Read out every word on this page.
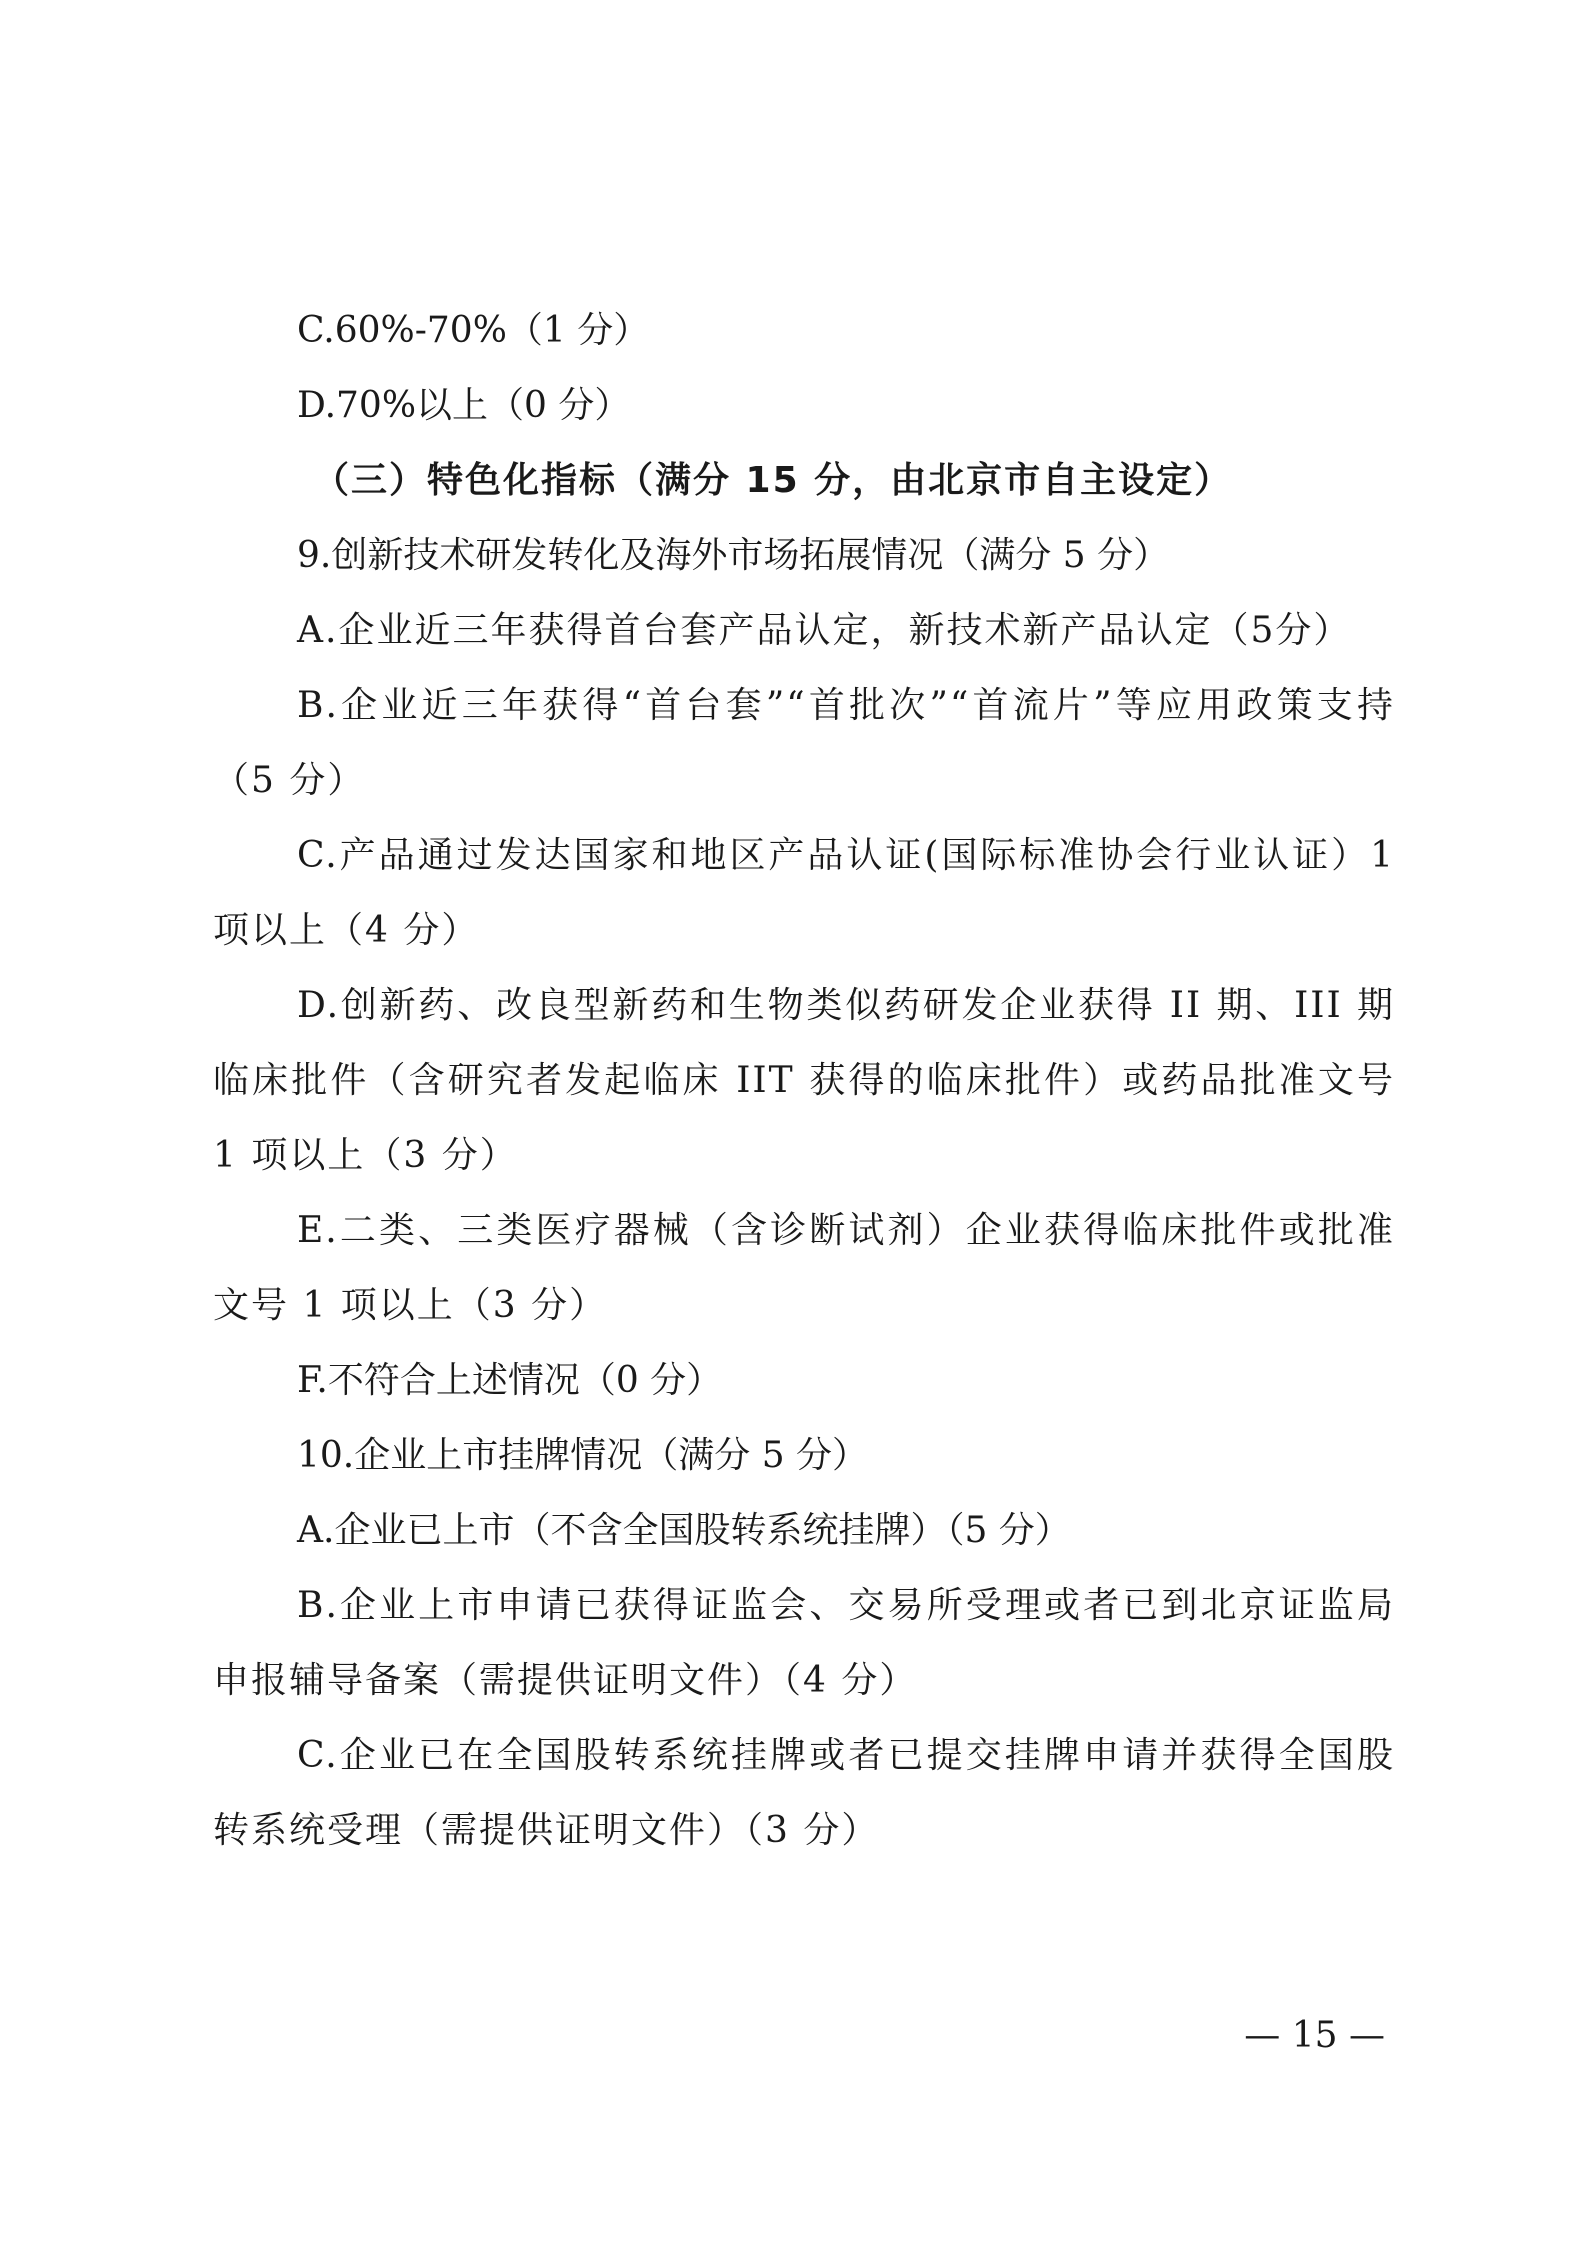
C.60%-70%（1 分）

D.70%以上（0 分）

（三）特色化指标（满分 15 分，由北京市自主设定）

9.创新技术研发转化及海外市场拓展情况（满分 5 分）

A.企业近三年获得首台套产品认定，新技术新产品认定（5分）

B.企业近三年获得“首台套”“首批次”“首流片”等应用政策支持（5 分）

C.产品通过发达国家和地区产品认证(国际标准协会行业认证）1 项以上（4 分）

D.创新药、改良型新药和生物类似药研发企业获得 II 期、III 期临床批件（含研究者发起临床 IIT 获得的临床批件）或药品批准文号 1 项以上（3 分）

E.二类、三类医疗器械（含诊断试剂）企业获得临床批件或批准文号 1 项以上（3 分）

F.不符合上述情况（0 分）

10.企业上市挂牌情况（满分 5 分）

A.企业已上市（不含全国股转系统挂牌）（5 分）

B.企业上市申请已获得证监会、交易所受理或者已到北京证监局申报辅导备案（需提供证明文件）（4 分）

C.企业已在全国股转系统挂牌或者已提交挂牌申请并获得全国股转系统受理（需提供证明文件）（3 分）

— 15 —
